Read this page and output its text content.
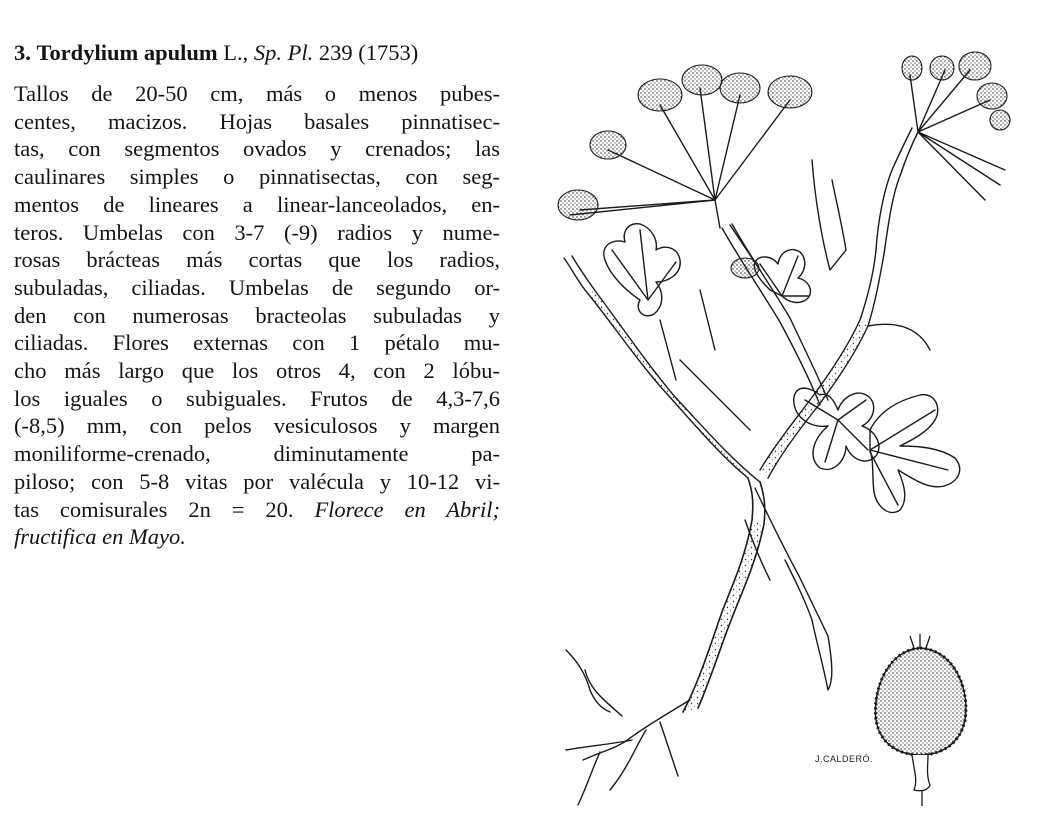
3. Tordylium apulum L., Sp. Pl. 239 (1753)

Tallos de 20-50 cm, más o menos pubes-
centes, macizos. Hojas basales pinnatisec-
tas, con segmentos ovados y crenados; las
caulinares simples o pinnatisectas, con seg-
mentos de lineares a linear-lanceolados, en-
teros. Umbelas con 3-7 (-9) radios y nume-
rosas brácteas más cortas que los radios,
subuladas, ciliadas. Umbelas de segundo or-
den con numerosas bracteolas subuladas y
ciliadas. Flores externas con 1 pétalo mu-
cho más largo que los otros 4, con 2 lóbu-
los iguales o subiguales. Frutos de 4,3-7,6
(-8,5) mm, con pelos vesiculosos y margen
moniliforme-crenado, diminutamente pa-
piloso; con 5-8 vitas por valécula y 10-12 vi-
tas comisurales 2n = 20. Florece en Abril;
fructifica en Mayo.

J.CALDERÓ.
